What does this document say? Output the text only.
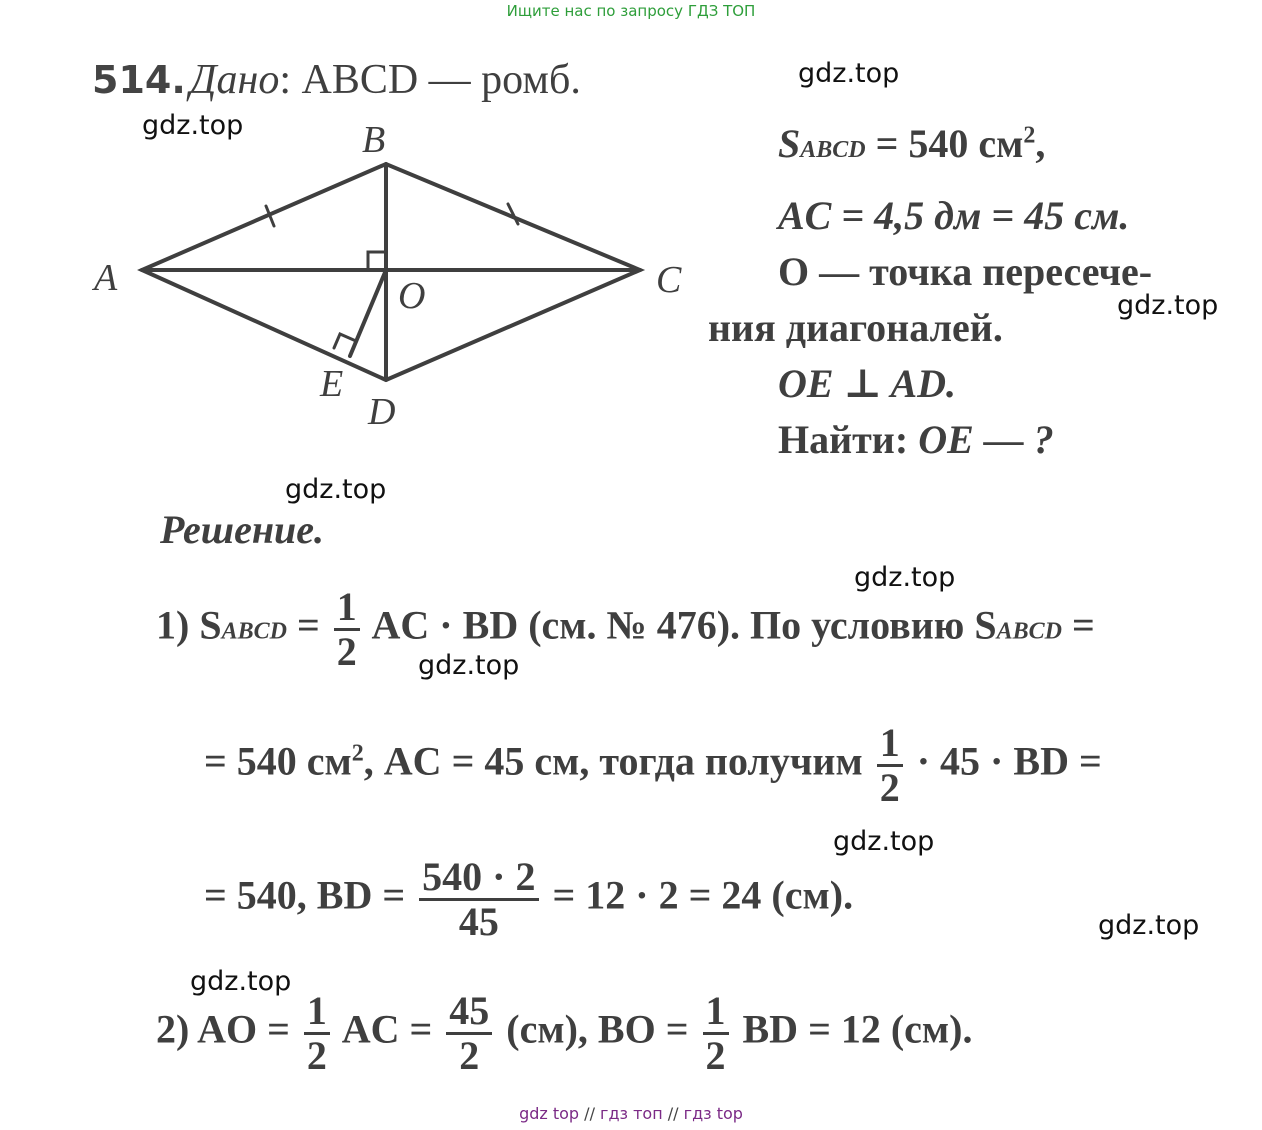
Ищите нас по запросу ГДЗ ТОП
gdz.top
gdz.top
gdz.top
gdz.top
gdz.top
gdz.top
gdz.top
gdz.top
gdz.top
514. Дано: ABCD — ромб.
A
B
C
D
O
E
SABCD = 540 $см^2$,
AC = 4,5 дм = 45 см.
O — точка пересече-
ния диагоналей.
OE ⊥ AD.
Найти: OE — ?
Решение.
1) SABCD = $\frac{1}{2}$ AC · BD (см. № 476). По условию SABCD =
= 540 $см^2$, AC = 45 см, тогда получим $\frac{1}{2} \cdot 45$ · BD =
= 540, BD = $\frac{540 \cdot 2}{45} = 12 \cdot 2 = 24$ (см).
2) AO = $\frac{1}{2}$ AC = $\frac{45}{2} (см)$, BO = $\frac{1}{2}$ BD = 12 (см).
gdz top // гдз топ // гдз top
